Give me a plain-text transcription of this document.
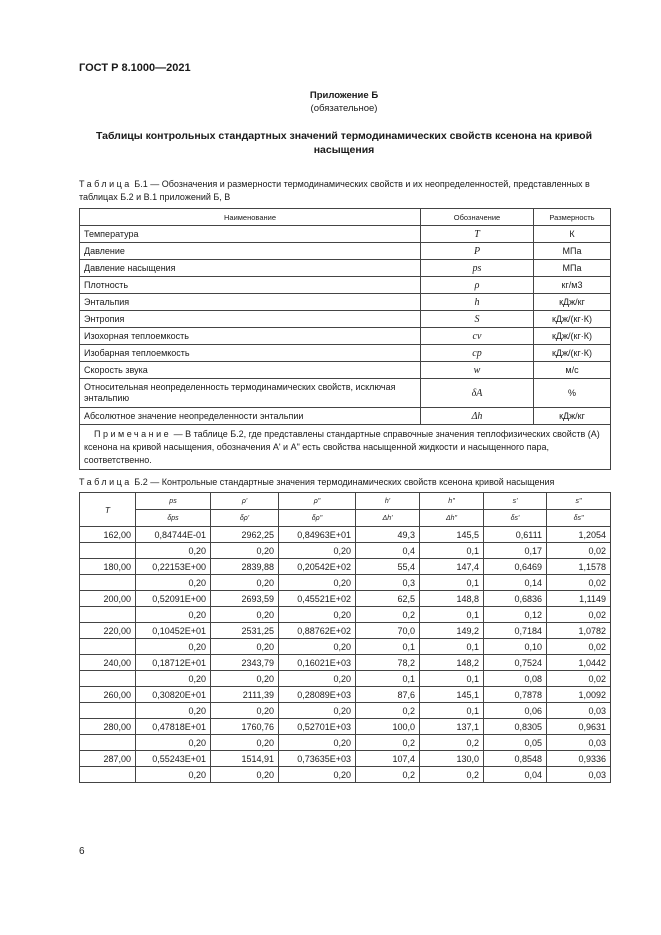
ГОСТ Р 8.1000—2021
Приложение Б
(обязательное)
Таблицы контрольных стандартных значений термодинамических свойств ксенона на кривой насыщения
Таблица Б.1 — Обозначения и размерности термодинамических свойств и их неопределенностей, представленных в таблицах Б.2 и В.1 приложений Б, В
Наименование	Обозначение	Размерность
Температура	T	К
Давление	P	МПа
Давление насыщения	ps	МПа
Плотность	ρ	кг/м3
Энтальпия	h	кДж/кг
Энтропия	S	кДж/(кг·К)
Изохорная теплоемкость	cv	кДж/(кг·К)
Изобарная теплоемкость	cp	кДж/(кг·К)
Скорость звука	w	м/с
Относительная неопределенность термодинамических свойств, исключая энтальпию	δA	%
Абсолютное значение неопределенности энтальпии	Δh	кДж/кг
Примечание — В таблице Б.2, где представлены стандартные справочные значения теплофизических свойств (A) ксенона на кривой насыщения, обозначения A' и A" есть свойства насыщенной жидкости и насыщенного пара, соответственно.		
Таблица Б.2 — Контрольные стандартные значения термодинамических свойств ксенона кривой насыщения
T	ps	ρ'	ρ"	h'	h"	s'	s"
	δps	δρ'	δρ"	Δh'	Δh"	δs'	δs"
162,00	0,84744E-01	2962,25	0,84963E+01	49,3	145,5	0,6111	1,2054
	0,20	0,20	0,20	0,4	0,1	0,17	0,02
180,00	0,22153E+00	2839,88	0,20542E+02	55,4	147,4	0,6469	1,1578
	0,20	0,20	0,20	0,3	0,1	0,14	0,02
200,00	0,52091E+00	2693,59	0,45521E+02	62,5	148,8	0,6836	1,1149
	0,20	0,20	0,20	0,2	0,1	0,12	0,02
220,00	0,10452E+01	2531,25	0,88762E+02	70,0	149,2	0,7184	1,0782
	0,20	0,20	0,20	0,1	0,1	0,10	0,02
240,00	0,18712E+01	2343,79	0,16021E+03	78,2	148,2	0,7524	1,0442
	0,20	0,20	0,20	0,1	0,1	0,08	0,02
260,00	0,30820E+01	2111,39	0,28089E+03	87,6	145,1	0,7878	1,0092
	0,20	0,20	0,20	0,2	0,1	0,06	0,03
280,00	0,47818E+01	1760,76	0,52701E+03	100,0	137,1	0,8305	0,9631
	0,20	0,20	0,20	0,2	0,2	0,05	0,03
287,00	0,55243E+01	1514,91	0,73635E+03	107,4	130,0	0,8548	0,9336
	0,20	0,20	0,20	0,2	0,2	0,04	0,03
6
